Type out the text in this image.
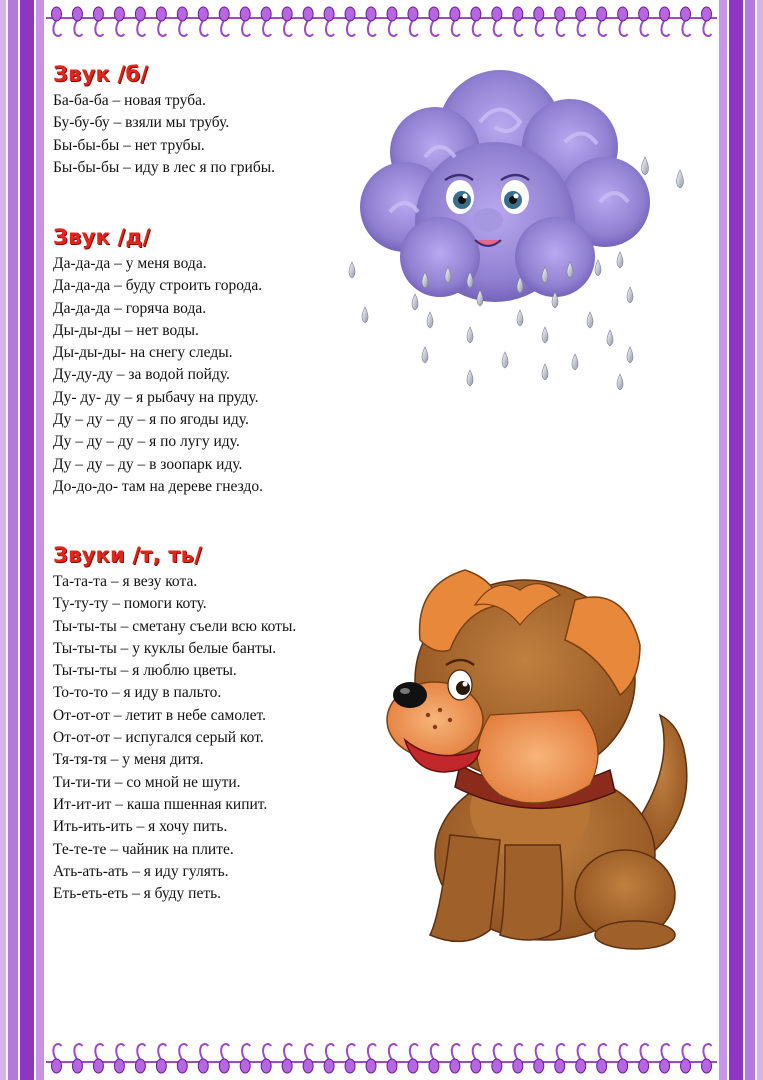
Звук /б/
Ба-ба-ба – новая труба.
Бу-бу-бу – взяли мы трубу.
Бы-бы-бы – нет трубы.
Бы-бы-бы – иду в лес я по грибы.
Звук /д/
Да-да-да – у меня вода.
Да-да-да – буду строить города.
Да-да-да – горяча вода.
Ды-ды-ды – нет воды.
Ды-ды-ды- на снегу следы.
Ду-ду-ду – за водой пойду.
Ду- ду- ду – я рыбачу на пруду.
Ду – ду – ду – я по ягоды иду.
Ду – ду – ду – я по лугу иду.
Ду – ду – ду – в зоопарк иду.
До-до-до- там на дереве гнездо.
Звуки /т, ть/
Та-та-та – я везу кота.
Ту-ту-ту – помоги коту.
Ты-ты-ты – сметану съели всю коты.
Ты-ты-ты – у куклы белые банты.
Ты-ты-ты – я люблю цветы.
То-то-то – я иду в пальто.
От-от-от – летит в небе самолет.
От-от-от – испугался серый кот.
Тя-тя-тя – у меня дитя.
Ти-ти-ти – со мной не шути.
Ит-ит-ит – каша пшенная кипит.
Ить-ить-ить – я хочу пить.
Те-те-те – чайник на плите.
Ать-ать-ать – я иду гулять.
Еть-еть-еть – я буду петь.
